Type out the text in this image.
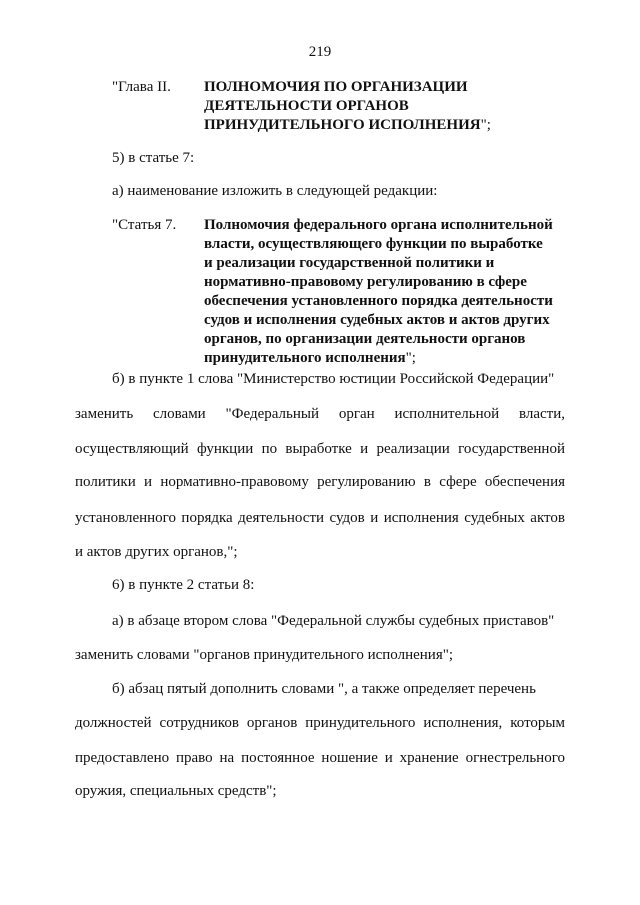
219
"Глава II.	ПОЛНОМОЧИЯ ПО ОРГАНИЗАЦИИ
ДЕЯТЕЛЬНОСТИ ОРГАНОВ
ПРИНУДИТЕЛЬНОГО ИСПОЛНЕНИЯ";
5) в статье 7:
а) наименование изложить в следующей редакции:
"Статья 7.	Полномочия федерального органа исполнительной
власти, осуществляющего функции по выработке
и реализации государственной политики и
нормативно-правовому регулированию в сфере
обеспечения установленного порядка деятельности
судов и исполнения судебных актов и актов других
органов, по организации деятельности органов
принудительного исполнения";
б) в пункте 1 слова "Министерство юстиции Российской Федерации"
заменить словами "Федеральный орган исполнительной власти,
осуществляющий функции по выработке и реализации государственной
политики и нормативно-правовому регулированию в сфере обеспечения
установленного порядка деятельности судов и исполнения судебных актов
и актов других органов,";
6) в пункте 2 статьи 8:
а) в абзаце втором слова "Федеральной службы судебных приставов"
заменить словами "органов принудительного исполнения";
б) абзац пятый дополнить словами ", а также определяет перечень
должностей сотрудников органов принудительного исполнения, которым
предоставлено право на постоянное ношение и хранение огнестрельного
оружия, специальных средств";
